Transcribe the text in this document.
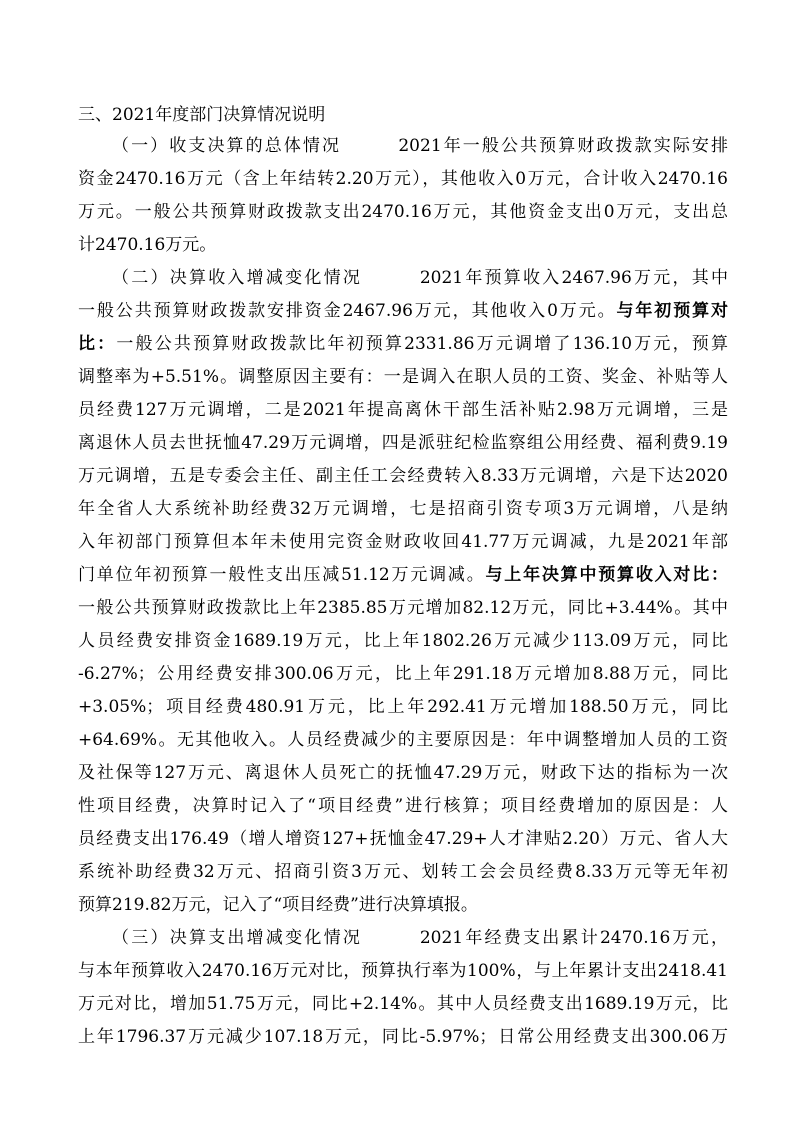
三、2021年度部门决算情况说明
（一）收支决算的总体情况　　　2021年一般公共预算财政拨款实际安排
资金2470.16万元（含上年结转2.20万元），其他收入0万元，合计收入2470.16
万元。一般公共预算财政拨款支出2470.16万元，其他资金支出0万元，支出总
计2470.16万元。
（二）决算收入增减变化情况　　　2021年预算收入2467.96万元，其中
一般公共预算财政拨款安排资金2467.96万元，其他收入0万元。与年初预算对
比：一般公共预算财政拨款比年初预算2331.86万元调增了136.10万元，预算
调整率为+5.51%。调整原因主要有：一是调入在职人员的工资、奖金、补贴等人
员经费127万元调增，二是2021年提高离休干部生活补贴2.98万元调增，三是
离退休人员去世抚恤47.29万元调增，四是派驻纪检监察组公用经费、福利费9.19
万元调增，五是专委会主任、副主任工会经费转入8.33万元调增，六是下达2020
年全省人大系统补助经费32万元调增，七是招商引资专项3万元调增，八是纳
入年初部门预算但本年未使用完资金财政收回41.77万元调减，九是2021年部
门单位年初预算一般性支出压减51.12万元调减。与上年决算中预算收入对比：
一般公共预算财政拨款比上年2385.85万元增加82.12万元，同比+3.44%。其中
人员经费安排资金1689.19万元，比上年1802.26万元减少113.09万元，同比
-6.27%；公用经费安排300.06万元，比上年291.18万元增加8.88万元，同比
+3.05%；项目经费480.91万元，比上年292.41万元增加188.50万元，同比
+64.69%。无其他收入。人员经费减少的主要原因是：年中调整增加人员的工资
及社保等127万元、离退休人员死亡的抚恤47.29万元，财政下达的指标为一次
性项目经费，决算时记入了“项目经费”进行核算；项目经费增加的原因是：人
员经费支出176.49（增人增资127+抚恤金47.29+人才津贴2.20）万元、省人大
系统补助经费32万元、招商引资3万元、划转工会会员经费8.33万元等无年初
预算219.82万元，记入了“项目经费”进行决算填报。
（三）决算支出增减变化情况　　　2021年经费支出累计2470.16万元，
与本年预算收入2470.16万元对比，预算执行率为100%，与上年累计支出2418.41
万元对比，增加51.75万元，同比+2.14%。其中人员经费支出1689.19万元，比
上年1796.37万元减少107.18万元，同比-5.97%；日常公用经费支出300.06万
